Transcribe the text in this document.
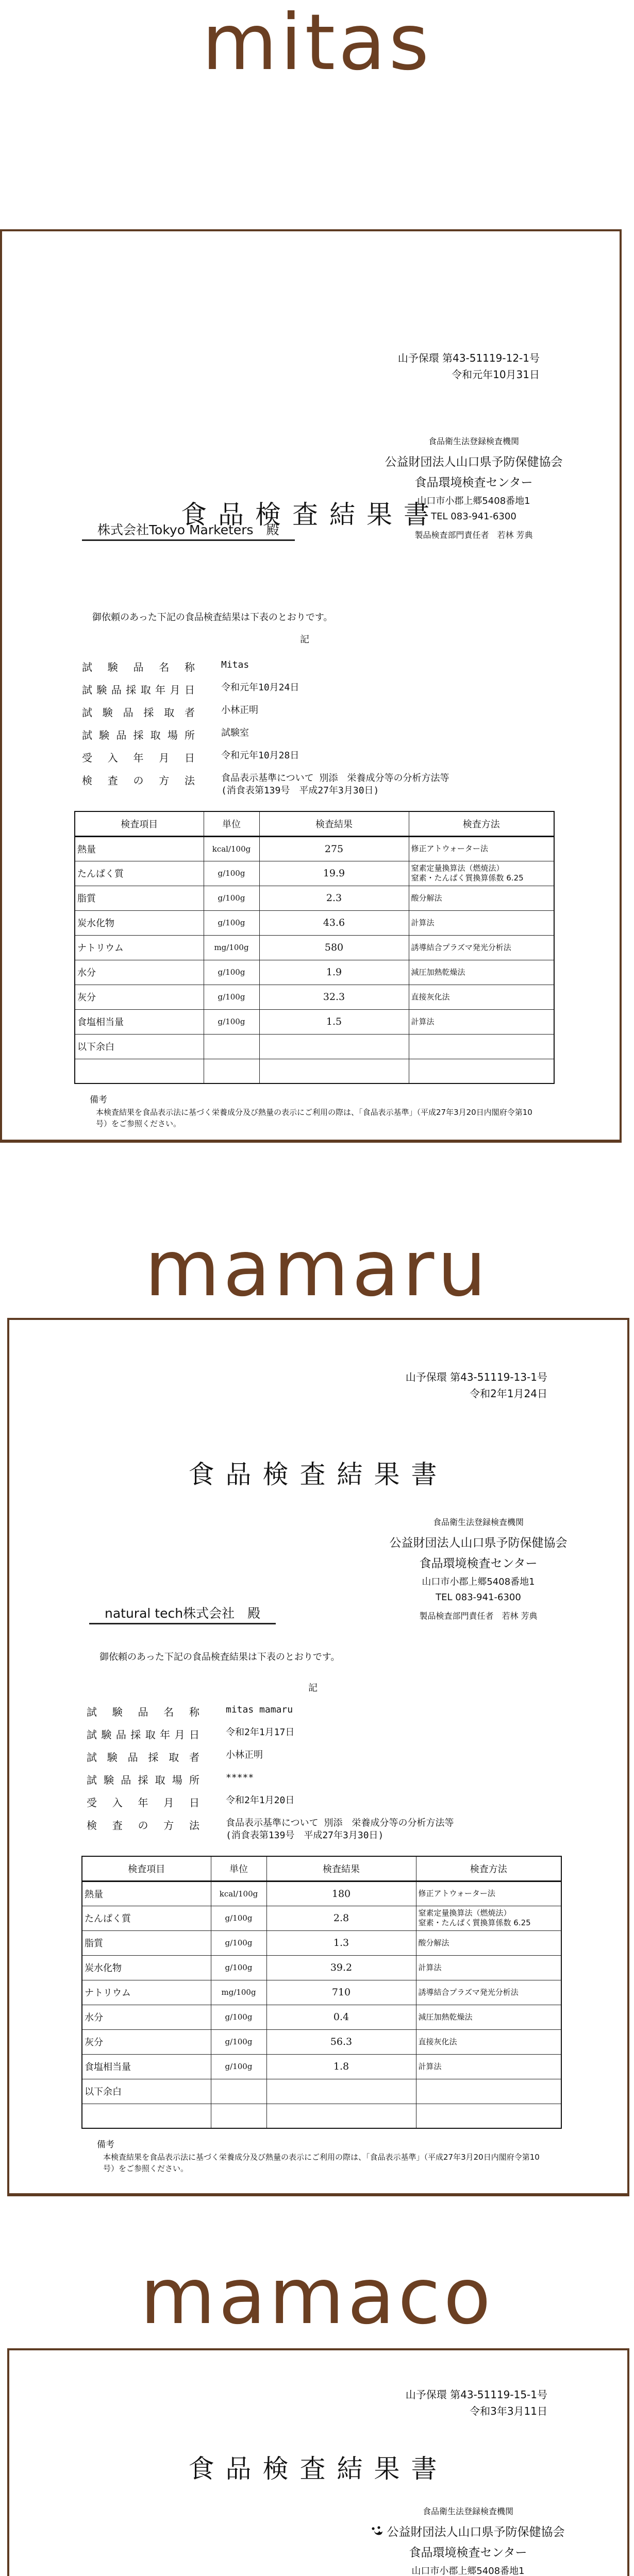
mitas
山予保環 第43-51119-12-1号
令和元年10月31日
食品検査結果書
株式会社Tokyo Marketers　殿
食品衛生法登録検査機関
公益財団法人山口県予防保健協会
食品環境検査センター
山口市小郡上郷5408番地1
TEL 083-941-6300
製品検査部門責任者　若林 芳典
御依頼のあった下記の食品検査結果は下表のとおりです。
記
試験品名称	Mitas
試験品採取年月日	令和元年10月24日
試験品採取者	小林正明
試験品採取場所	試験室
受入年月日	令和元年10月28日
検査の方法	食品表示基準について 別添　栄養成分等の分析方法等
(消食表第139号　平成27年3月30日)
検査項目	単位	検査結果	検査方法
熱量	kcal/100g	275	修正アトウォーター法
たんぱく質	g/100g	19.9	窒素定量換算法（燃焼法）
窒素・たんぱく質換算係数 6.25
脂質	g/100g	2.3	酸分解法
炭水化物	g/100g	43.6	計算法
ナトリウム	mg/100g	580	誘導結合プラズマ発光分析法
水分	g/100g	1.9	減圧加熱乾燥法
灰分	g/100g	32.3	直接灰化法
食塩相当量	g/100g	1.5	計算法
以下余白			

備考
本検査結果を食品表示法に基づく栄養成分及び熱量の表示にご利用の際は、「食品表示基準」（平成27年3月20日内閣府令第10号）をご参照ください。
mamaru
山予保環 第43-51119-13-1号
令和2年1月24日
食品検査結果書
natural tech株式会社　殿
食品衛生法登録検査機関
公益財団法人山口県予防保健協会
食品環境検査センター
山口市小郡上郷5408番地1
TEL 083-941-6300
製品検査部門責任者　若林 芳典
御依頼のあった下記の食品検査結果は下表のとおりです。
記
試験品名称	mitas mamaru
試験品採取年月日	令和2年1月17日
試験品採取者	小林正明
試験品採取場所	*****
受入年月日	令和2年1月20日
検査の方法	食品表示基準について 別添　栄養成分等の分析方法等
(消食表第139号　平成27年3月30日)
検査項目	単位	検査結果	検査方法
熱量	kcal/100g	180	修正アトウォーター法
たんぱく質	g/100g	2.8	窒素定量換算法（燃焼法）
窒素・たんぱく質換算係数 6.25
脂質	g/100g	1.3	酸分解法
炭水化物	g/100g	39.2	計算法
ナトリウム	mg/100g	710	誘導結合プラズマ発光分析法
水分	g/100g	0.4	減圧加熱乾燥法
灰分	g/100g	56.3	直接灰化法
食塩相当量	g/100g	1.8	計算法
以下余白			

備考
本検査結果を食品表示法に基づく栄養成分及び熱量の表示にご利用の際は、「食品表示基準」（平成27年3月20日内閣府令第10号）をご参照ください。
mamaco
山予保環 第43-51119-15-1号
令和3年3月11日
食品検査結果書
食品衛生法登録検査機関
公益財団法人山口県予防保健協会
食品環境検査センター
山口市小郡上郷5408番地1
